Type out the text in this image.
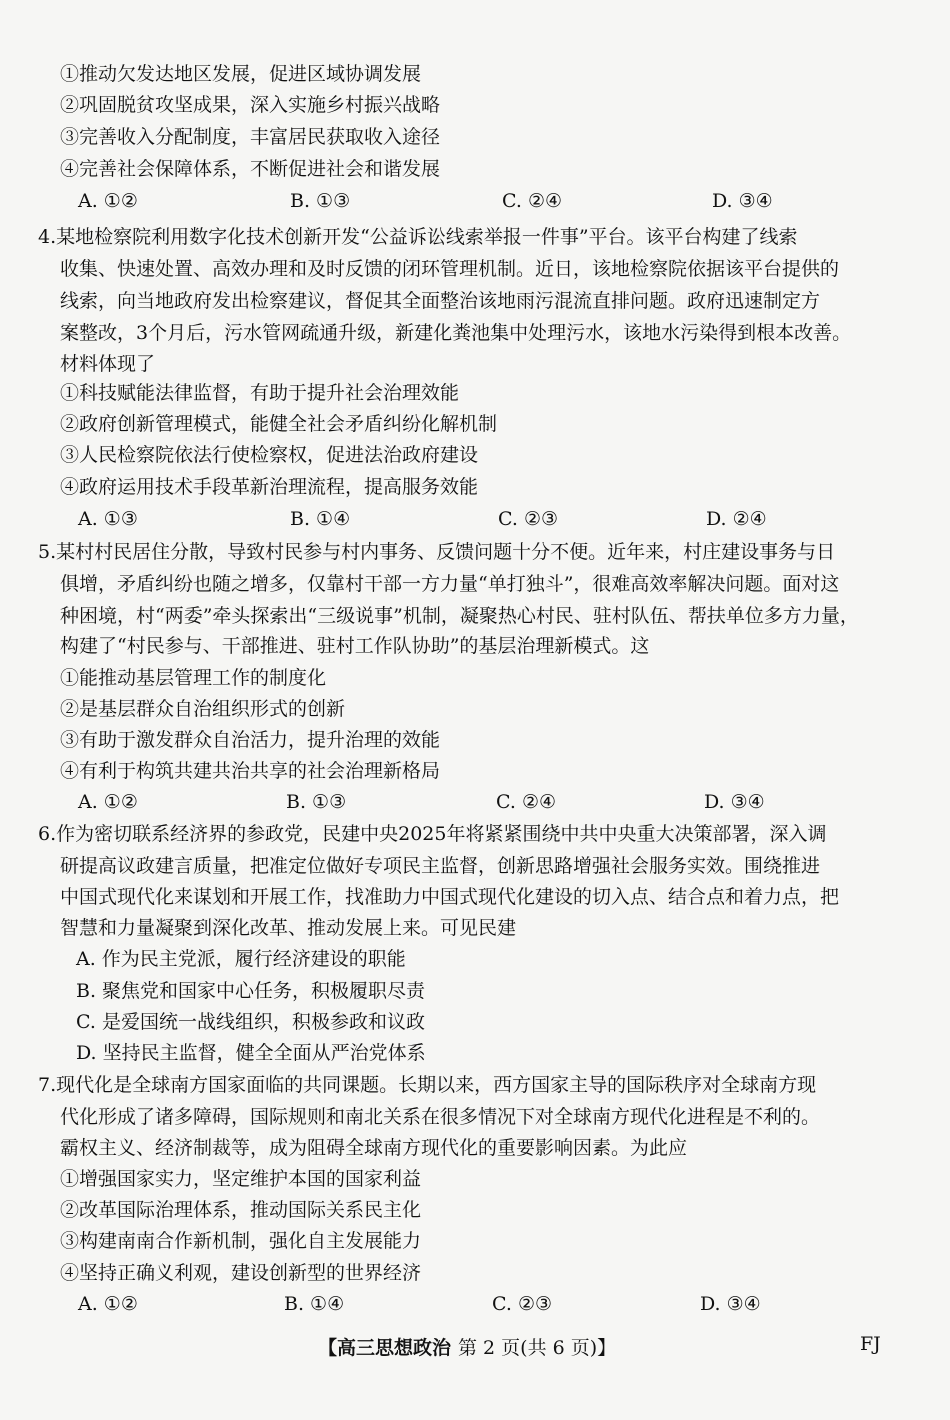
①推动欠发达地区发展，促进区域协调发展
②巩固脱贫攻坚成果，深入实施乡村振兴战略
③完善收入分配制度，丰富居民获取收入途径
④完善社会保障体系，不断促进社会和谐发展
A. ①②	B. ①③	C. ②④	D. ③④
4.某地检察院利用数字化技术创新开发“公益诉讼线索举报一件事”平台。该平台构建了线索
收集、快速处置、高效办理和及时反馈的闭环管理机制。近日，该地检察院依据该平台提供的
线索，向当地政府发出检察建议，督促其全面整治该地雨污混流直排问题。政府迅速制定方
案整改，3个月后，污水管网疏通升级，新建化粪池集中处理污水，该地水污染得到根本改善。
材料体现了
①科技赋能法律监督，有助于提升社会治理效能
②政府创新管理模式，能健全社会矛盾纠纷化解机制
③人民检察院依法行使检察权，促进法治政府建设
④政府运用技术手段革新治理流程，提高服务效能
A. ①③	B. ①④	C. ②③	D. ②④
5.某村村民居住分散，导致村民参与村内事务、反馈问题十分不便。近年来，村庄建设事务与日
俱增，矛盾纠纷也随之增多，仅靠村干部一方力量“单打独斗”，很难高效率解决问题。面对这
种困境，村“两委”牵头探索出“三级说事”机制，凝聚热心村民、驻村队伍、帮扶单位多方力量，
构建了“村民参与、干部推进、驻村工作队协助”的基层治理新模式。这
①能推动基层管理工作的制度化
②是基层群众自治组织形式的创新
③有助于激发群众自治活力，提升治理的效能
④有利于构筑共建共治共享的社会治理新格局
A. ①②	B. ①③	C. ②④	D. ③④
6.作为密切联系经济界的参政党，民建中央2025年将紧紧围绕中共中央重大决策部署，深入调
研提高议政建言质量，把准定位做好专项民主监督，创新思路增强社会服务实效。围绕推进
中国式现代化来谋划和开展工作，找准助力中国式现代化建设的切入点、结合点和着力点，把
智慧和力量凝聚到深化改革、推动发展上来。可见民建
A. 作为民主党派，履行经济建设的职能
B. 聚焦党和国家中心任务，积极履职尽责
C. 是爱国统一战线组织，积极参政和议政
D. 坚持民主监督，健全全面从严治党体系
7.现代化是全球南方国家面临的共同课题。长期以来，西方国家主导的国际秩序对全球南方现
代化形成了诸多障碍，国际规则和南北关系在很多情况下对全球南方现代化进程是不利的。
霸权主义、经济制裁等，成为阻碍全球南方现代化的重要影响因素。为此应
①增强国家实力，坚定维护本国的国家利益
②改革国际治理体系，推动国际关系民主化
③构建南南合作新机制，强化自主发展能力
④坚持正确义利观，建设创新型的世界经济
A. ①②	B. ①④	C. ②③	D. ③④
【高三思想政治 第 2 页(共 6 页)】	FJ
